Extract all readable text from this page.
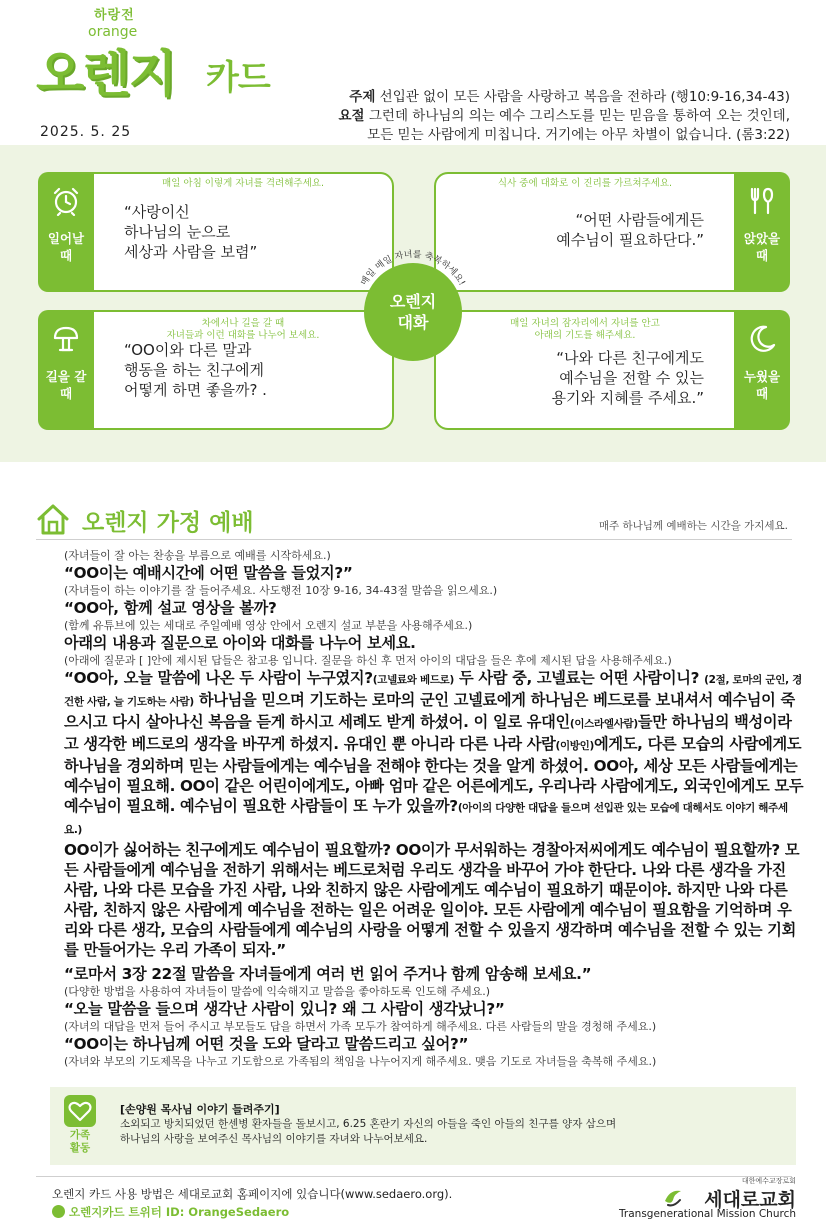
하랑전
orange
오렌지 카드
2025. 5. 25
주제 선입관 없이 모든 사람을 사랑하고 복음을 전하라 (행10:9-16,34-43)
요절 그런데 하나님의 의는 예수 그리스도를 믿는 믿음을 통하여 오는 것인데,
모든 믿는 사람에게 미칩니다. 거기에는 아무 차별이 없습니다. (롬3:22)
일어날
때
매일 아침 이렇게 자녀를 격려해주세요.
“사랑이신
하나님의 눈으로
세상과 사람을 보렴”
앉았을
때
식사 중에 대화로 이 진리를 가르쳐주세요.
“어떤 사람들에게든
예수님이 필요하단다.”
길을 갈
때
차에서나 길을 갈 때
자녀들과 이런 대화를 나누어 보세요.
“OO이와 다른 말과
행동을 하는 친구에게
어떻게 하면 좋을까? .
누웠을
때
매일 자녀의 잠자리에서 자녀를 안고
아래의 기도를 해주세요.
“나와 다른 친구에게도
예수님을 전할 수 있는
용기와 지혜를 주세요.”
매일 매일 자녀를 축복하세요!
오렌지
대화
오렌지 가정 예배	매주 하나님께 예배하는 시간을 가지세요.
(자녀들이 잘 아는 찬송을 부름으로 예배를 시작하세요.)
“OO이는 예배시간에 어떤 말씀을 들었지?”
(자녀들이 하는 이야기를 잘 들어주세요. 사도행전 10장 9-16, 34-43절 말씀을 읽으세요.)
“OO아, 함께 설교 영상을 볼까?
(함께 유튜브에 있는 세대로 주일예배 영상 안에서 오렌지 설교 부분을 사용해주세요.)
아래의 내용과 질문으로 아이와 대화를 나누어 보세요.
(아래에 질문과 [ ]안에 제시된 답들은 참고용 입니다. 질문을 하신 후 먼저 아이의 대답을 들은 후에 제시된 답을 사용해주세요.)
“OO아, 오늘 말씀에 나온 두 사람이 누구였지?(고넬료와 베드로) 두 사람 중, 고넬료는 어떤 사람이니? (2절, 로마의 군인, 경건한 사람, 늘 기도하는 사람) 하나님을 믿으며 기도하는 로마의 군인 고넬료에게 하나님은 베드로를 보내셔서 예수님이 죽으시고 다시 살아나신 복음을 듣게 하시고 세례도 받게 하셨어. 이 일로 유대인(이스라엘사람)들만 하나님의 백성이라고 생각한 베드로의 생각을 바꾸게 하셨지. 유대인 뿐 아니라 다른 나라 사람(이방인)에게도, 다른 모습의 사람에게도 하나님을 경외하며 믿는 사람들에게는 예수님을 전해야 한다는 것을 알게 하셨어. OO아, 세상 모든 사람들에게는 예수님이 필요해. OO이 같은 어린이에게도, 아빠 엄마 같은 어른에게도, 우리나라 사람에게도, 외국인에게도 모두 예수님이 필요해. 예수님이 필요한 사람들이 또 누가 있을까?(아이의 다양한 대답을 들으며 선입관 있는 모습에 대해서도 이야기 해주세요.)
OO이가 싫어하는 친구에게도 예수님이 필요할까? OO이가 무서워하는 경찰아저씨에게도 예수님이 필요할까? 모든 사람들에게 예수님을 전하기 위해서는 베드로처럼 우리도 생각을 바꾸어 가야 한단다. 나와 다른 생각을 가진 사람, 나와 다른 모습을 가진 사람, 나와 친하지 않은 사람에게도 예수님이 필요하기 때문이야. 하지만 나와 다른 사람, 친하지 않은 사람에게 예수님을 전하는 일은 어려운 일이야. 모든 사람에게 예수님이 필요함을 기억하며 우리와 다른 생각, 모습의 사람들에게 예수님의 사랑을 어떻게 전할 수 있을지 생각하며 예수님을 전할 수 있는 기회를 만들어가는 우리 가족이 되자.”
“로마서 3장 22절 말씀을 자녀들에게 여러 번 읽어 주거나 함께 암송해 보세요.”
(다양한 방법을 사용하여 자녀들이 말씀에 익숙해지고 말씀을 좋아하도록 인도해 주세요.)
“오늘 말씀을 들으며 생각난 사람이 있니? 왜 그 사람이 생각났니?”
(자녀의 대답을 먼저 들어 주시고 부모들도 답을 하면서 가족 모두가 참여하게 해주세요. 다른 사람들의 말을 경청해 주세요.)
“OO이는 하나님께 어떤 것을 도와 달라고 말씀드리고 싶어?”
(자녀와 부모의 기도제목을 나누고 기도함으로 가족됨의 책임을 나누어지게 해주세요. 맺음 기도로 자녀들을 축복해 주세요.)
가족
활동
[손양원 목사님 이야기 들려주기]
소외되고 방치되었던 한센병 환자들을 돌보시고, 6.25 혼란기 자신의 아들을 죽인 아들의 친구를 양자 삼으며
하나님의 사랑을 보여주신 목사님의 이야기를 자녀와 나누어보세요.
오렌지 카드 사용 방법은 세대로교회 홈페이지에 있습니다(www.sedaero.org).
오렌지카드 트위터 ID: OrangeSedaero
대한예수교장로회
세대로교회
Transgenerational Mission Church
